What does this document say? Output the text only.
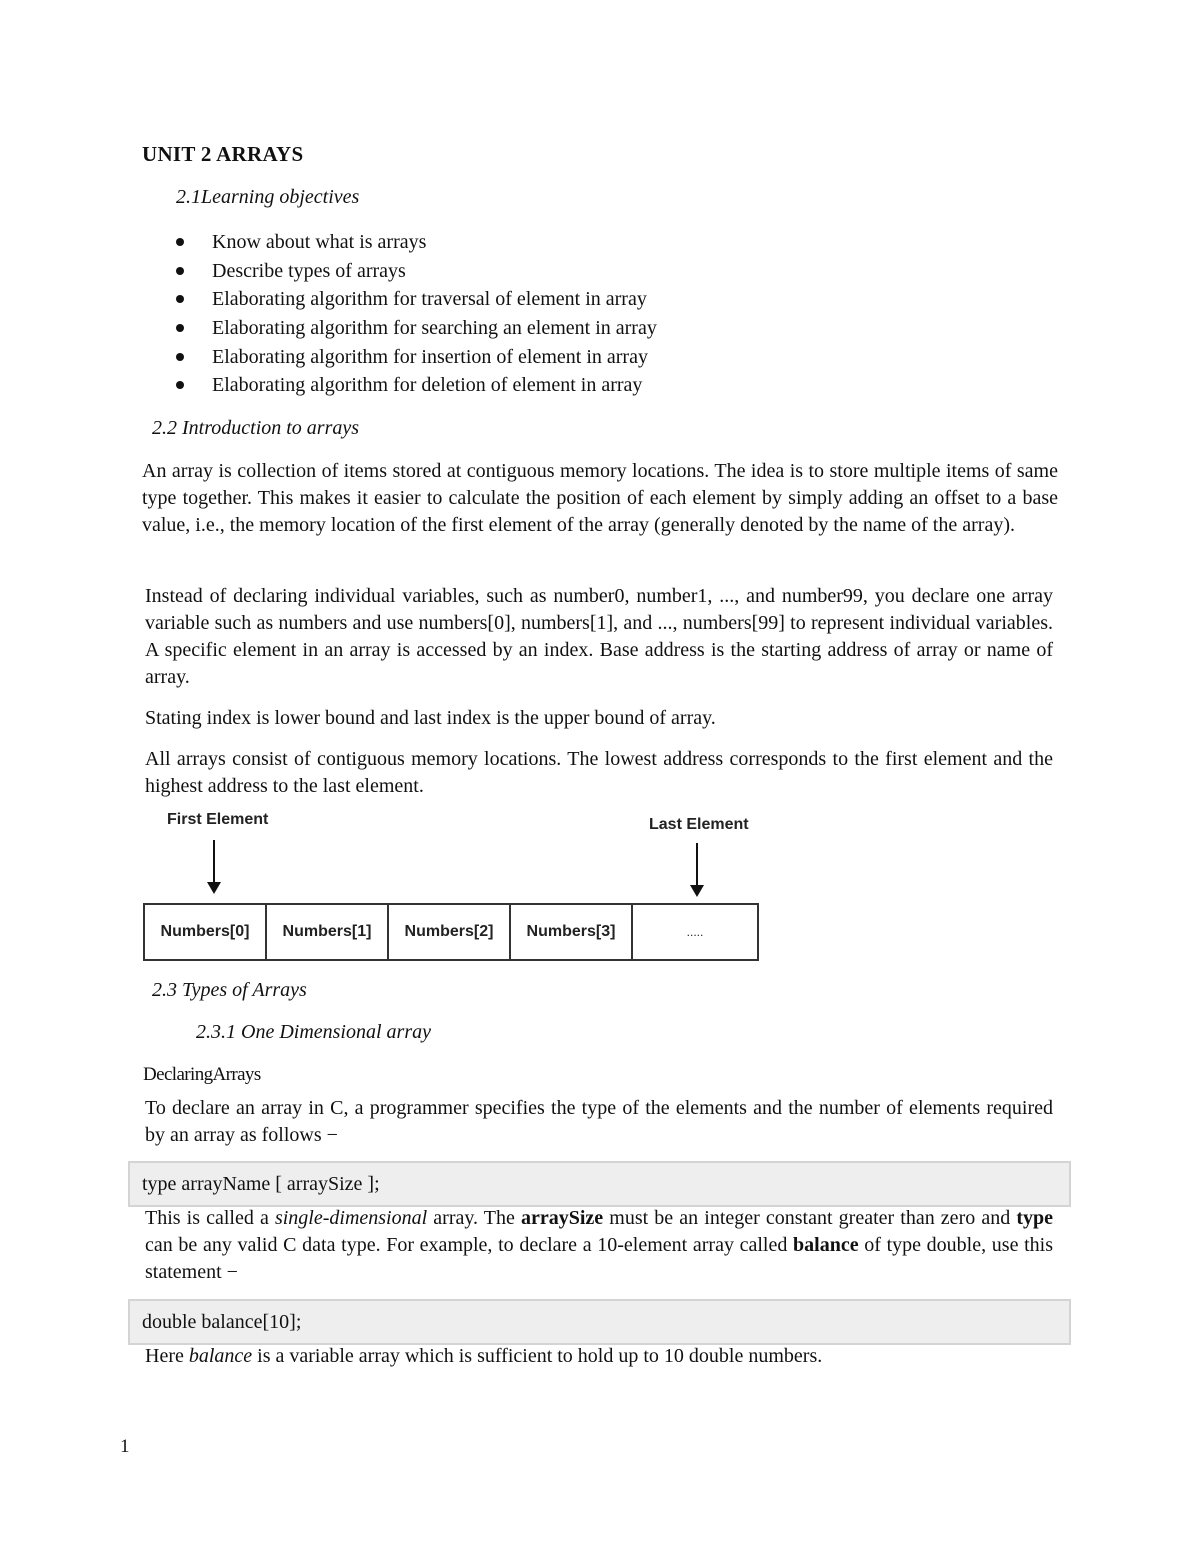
UNIT 2 ARRAYS
2.1Learning objectives
Know about what is arrays
Describe types of arrays
Elaborating algorithm for traversal of element in array
Elaborating algorithm for searching an element in array
Elaborating algorithm for insertion of element in array
Elaborating algorithm for deletion of element in array
2.2 Introduction to arrays
An array is collection of items stored at contiguous memory locations. The idea is to store multiple items of same type together. This makes it easier to calculate the position of each element by simply adding an offset to a base value, i.e., the memory location of the first element of the array (generally denoted by the name of the array).
Instead of declaring individual variables, such as number0, number1, ..., and number99, you declare one array variable such as numbers and use numbers[0], numbers[1], and ..., numbers[99] to represent individual variables. A specific element in an array is accessed by an index. Base address is the starting address of array or name of array.
Stating index is lower bound and last index is the upper bound of array.
All arrays consist of contiguous memory locations. The lowest address corresponds to the first element and the highest address to the last element.
First Element	Last Element
Numbers[0]	Numbers[1]	Numbers[2]	Numbers[3]	.....
2.3 Types of Arrays
2.3.1 One Dimensional array
DeclaringArrays
To declare an array in C, a programmer specifies the type of the elements and the number of elements required by an array as follows −
type arrayName [ arraySize ];
This is called a single-dimensional array. The arraySize must be an integer constant greater than zero and type can be any valid C data type. For example, to declare a 10-element array called balance of type double, use this statement −
double balance[10];
Here balance is a variable array which is sufficient to hold up to 10 double numbers.
1
